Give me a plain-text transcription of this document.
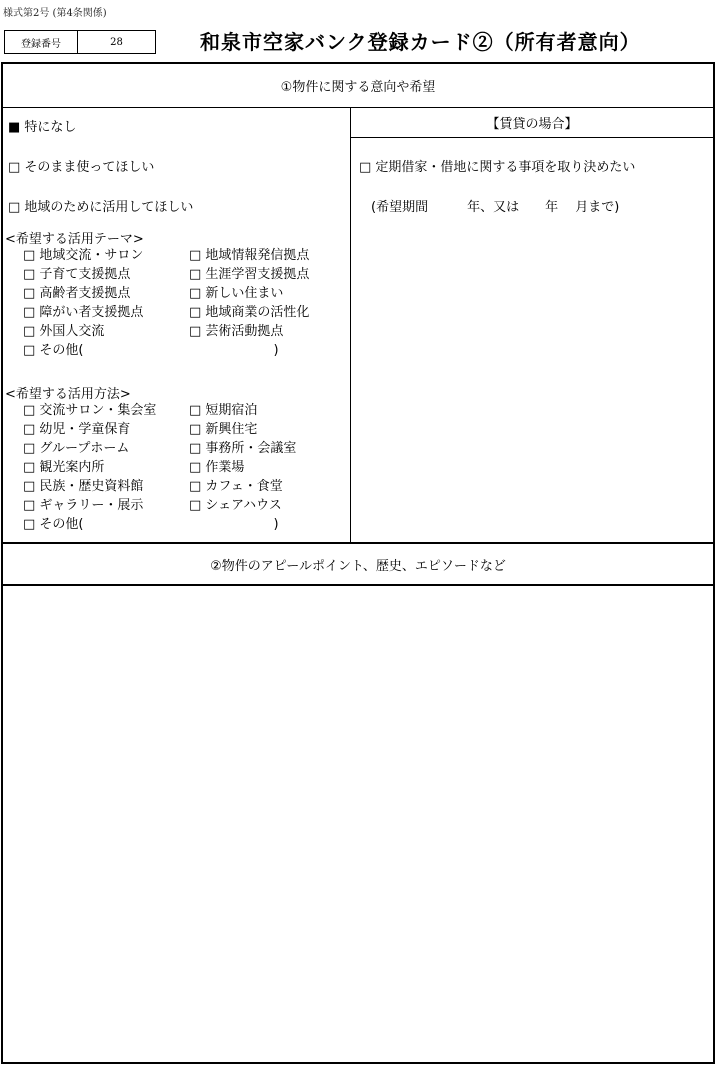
様式第2号 (第4条関係)
登録番号	28	和泉市空家バンク登録カード②（所有者意向）
①物件に関する意向や希望
■ 特になし
□ そのまま使ってほしい
□ 地域のために活用してほしい
<希望する活用テーマ>
□ 地域交流・サロン	□ 地域情報発信拠点
□ 子育て支援拠点	□ 生涯学習支援拠点
□ 高齢者支援拠点	□ 新しい住まい
□ 障がい者支援拠点	□ 地域商業の活性化
□ 外国人交流	□ 芸術活動拠点
□ その他(	)
<希望する活用方法>
□ 交流サロン・集会室	□ 短期宿泊
□ 幼児・学童保育	□ 新興住宅
□ グループホーム	□ 事務所・会議室
□ 観光案内所	□ 作業場
□ 民族・歴史資料館	□ カフェ・食堂
□ ギャラリー・展示	□ シェアハウス
□ その他(	)
【賃貸の場合】
□ 定期借家・借地に関する事項を取り決めたい
(希望期間　　　年、又は　　年　 月まで)
②物件のアピールポイント、歴史、エピソードなど
